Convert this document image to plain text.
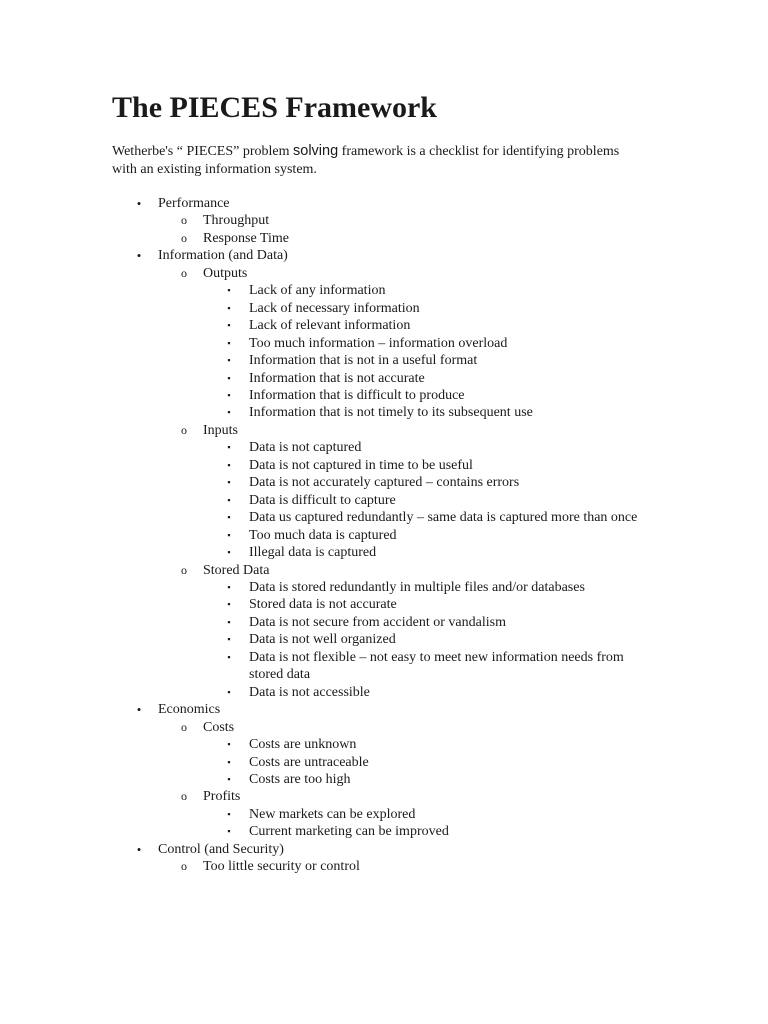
The PIECES Framework

Wetherbe's “ PIECES” problem solving framework is a checklist for identifying problems with an existing information system.

•	Performance
o Throughput
o Response Time
•	Information (and Data)
o Outputs
▪	Lack of any information
▪	Lack of necessary information
▪	Lack of relevant information
▪	Too much information – information overload
▪	Information that is not in a useful format
▪	Information that is not accurate
▪	Information that is difficult to produce
▪	Information that is not timely to its subsequent use
o Inputs
▪	Data is not captured
▪	Data is not captured in time to be useful
▪	Data is not accurately captured – contains errors
▪	Data is difficult to capture
▪	Data us captured redundantly – same data is captured more than once
▪	Too much data is captured
▪	Illegal data is captured
o Stored Data
▪	Data is stored redundantly in multiple files and/or databases
▪	Stored data is not accurate
▪	Data is not secure from accident or vandalism
▪	Data is not well organized
▪	Data is not flexible – not easy to meet new information needs from stored data
▪	Data is not accessible
•	Economics
o Costs
▪	Costs are unknown
▪	Costs are untraceable
▪	Costs are too high
o Profits
▪	New markets can be explored
▪	Current marketing can be improved
•	Control (and Security)
o Too little security or control
